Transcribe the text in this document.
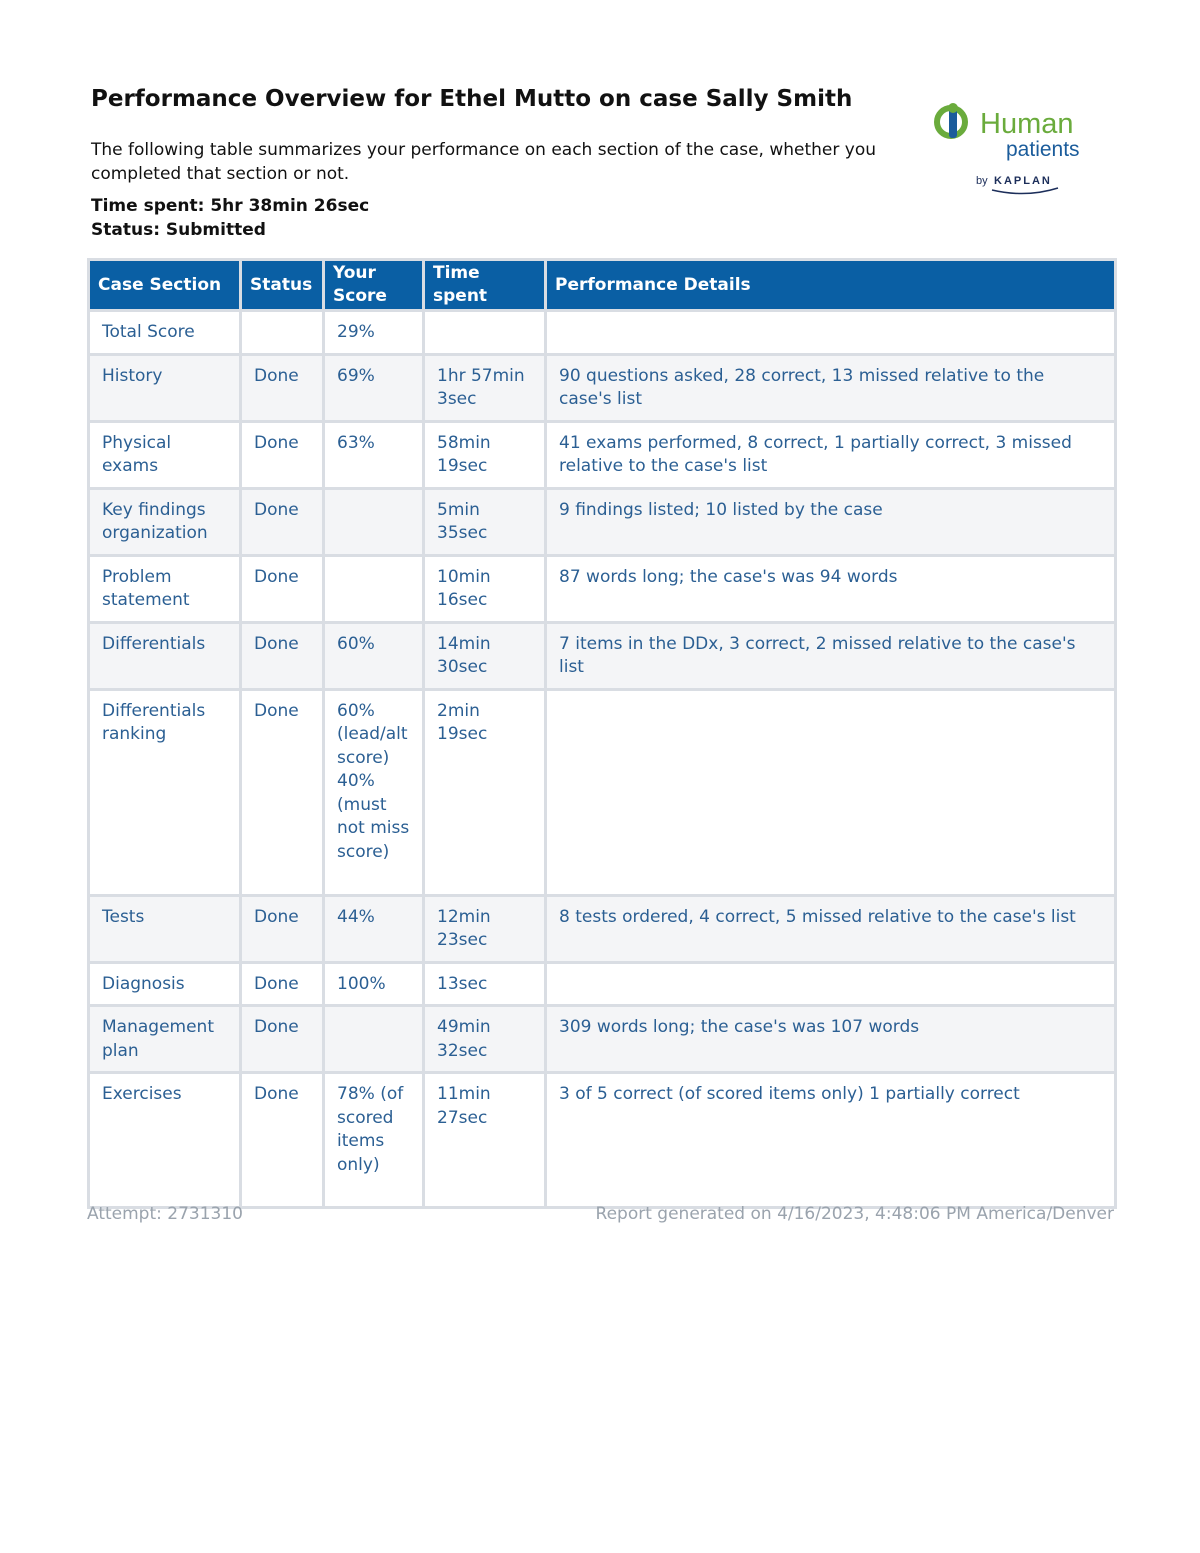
Performance Overview for Ethel Mutto on case Sally Smith

The following table summarizes your performance on each section of the case, whether you completed that section or not.

Time spent: 5hr 38min 26sec

Status: Submitted

Human
patients
by KAPLAN
Case Section	Status	Your Score	Time spent	Performance Details
Total Score		29%		
History	Done	69%	1hr 57min 3sec	90 questions asked, 28 correct, 13 missed relative to the case's list
Physical exams	Done	63%	58min 19sec	41 exams performed, 8 correct, 1 partially correct, 3 missed relative to the case's list
Key findings organization	Done		5min 35sec	9 findings listed; 10 listed by the case
Problem statement	Done		10min 16sec	87 words long; the case's was 94 words
Differentials	Done	60%	14min 30sec	7 items in the DDx, 3 correct, 2 missed relative to the case's list
Differentials ranking	Done	60% (lead/alt score) 40% (must not miss score)	2min 19sec	
Tests	Done	44%	12min 23sec	8 tests ordered, 4 correct, 5 missed relative to the case's list
Diagnosis	Done	100%	13sec	
Management plan	Done		49min 32sec	309 words long; the case's was 107 words
Exercises	Done	78% (of scored items only)	11min 27sec	3 of 5 correct (of scored items only) 1 partially correct

Attempt: 2731310	Report generated on 4/16/2023, 4:48:06 PM America/Denver
